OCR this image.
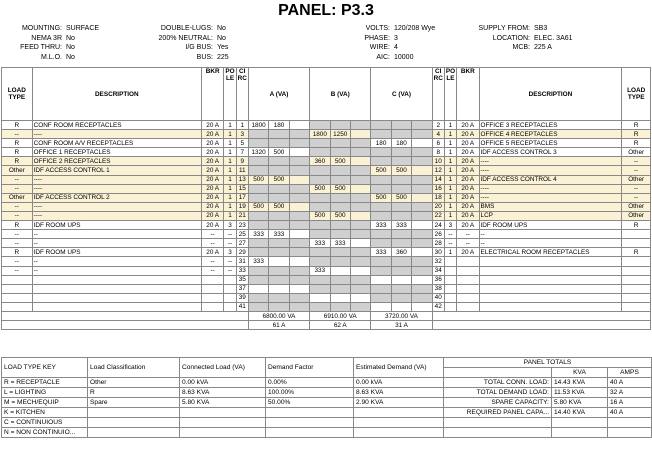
PANEL: P3.3
MOUNTING: SURFACE
NEMA 3R No
FEED THRU: No
M.L.O. No
DOUBLE-LUGS: No
200% NEUTRAL: No
I/G BUS: Yes
BUS: 225
VOLTS: 120/208 Wye
PHASE: 3
WIRE: 4
AIC: 10000
SUPPLY FROM: SB3
LOCATION: ELEC. 3A61
MCB: 225 A
LOAD TYPE	DESCRIPTION	BKR	POLE	CIRC	A (VA)			B (VA)			C (VA)			CIRC	POLE	BKR	DESCRIPTION	LOAD TYPE
R	CONF ROOM RECEPTACLES	20 A	1	1	1800	180								2	1	20 A	OFFICE 3 RECEPTACLES	R
--	----	20 A	1	3				1800	1250					4	1	20 A	OFFICE 4 RECEPTACLES	R
R	CONF ROOM A/V RECEPTACLES	20 A	1	5							180	180		6	1	20 A	OFFICE 5 RECEPTACLES	R
R	OFFICE 1 RECEPTACLES	20 A	1	7	1320	500								8	1	20 A	IDF ACCESS CONTROL 3	Other
R	OFFICE 2 RECEPTACLES	20 A	1	9				360	500					10	1	20 A	----	--
Other	IDF ACCESS CONTROL 1	20 A	1	11							500	500		12	1	20 A	----	--
--	----	20 A	1	13	500	500								14	1	20 A	IDF ACCESS CONTROL 4	Other
--	----	20 A	1	15				500	500					16	1	20 A	----	--
Other	IDF ACCESS CONTROL 2	20 A	1	17							500	500		18	1	20 A	----	--
--	----	20 A	1	19	500	500								20	1	20 A	BMS	Other
--	----	20 A	1	21				500	500					22	1	20 A	LCP	Other
R	IDF ROOM UPS	20 A	3	23							333	333		24	3	20 A	IDF ROOM UPS	R
--	--	--	--	25	333	333								26	--	--	--	
--	--	--	--	27				333	333					28	--	--	--	
R	IDF ROOM UPS	20 A	3	29							333	360		30	1	20 A	ELECTRICAL ROOM RECEPTACLES	R
--	--	--	--	31	333									32				
--	--	--	--	33				333						34				
				35										36				
				37										38				
				39										40				
				41										42				
					6800.00 VA			6910.00 VA			3720.00 VA							
					61 A			62 A			31 A							
LOAD TYPE KEY	Load Classification	Connected Load (VA)	Demand Factor	Estimated Demand (VA)	PANEL TOTALS		
						KVA	AMPS
R = RECEPTACLE	Other	0.00 kVA	0.00%	0.00 kVA	TOTAL CONN. LOAD:	14.43 KVA	40 A
L = LIGHTING	R	8.63 KVA	100.00%	8.63 KVA	TOTAL DEMAND LOAD:	11.53 KVA	32 A
M = MECH/EQUIP	Spare	5.80 KVA	50.00%	2.90 KVA	SPARE CAPACITY:	5.80 KVA	16 A
K = KITCHEN					REQUIRED PANEL CAPA...	14.40 KVA	40 A
C = CONTINUIOUS							
N = NON CONTINUIO...							
